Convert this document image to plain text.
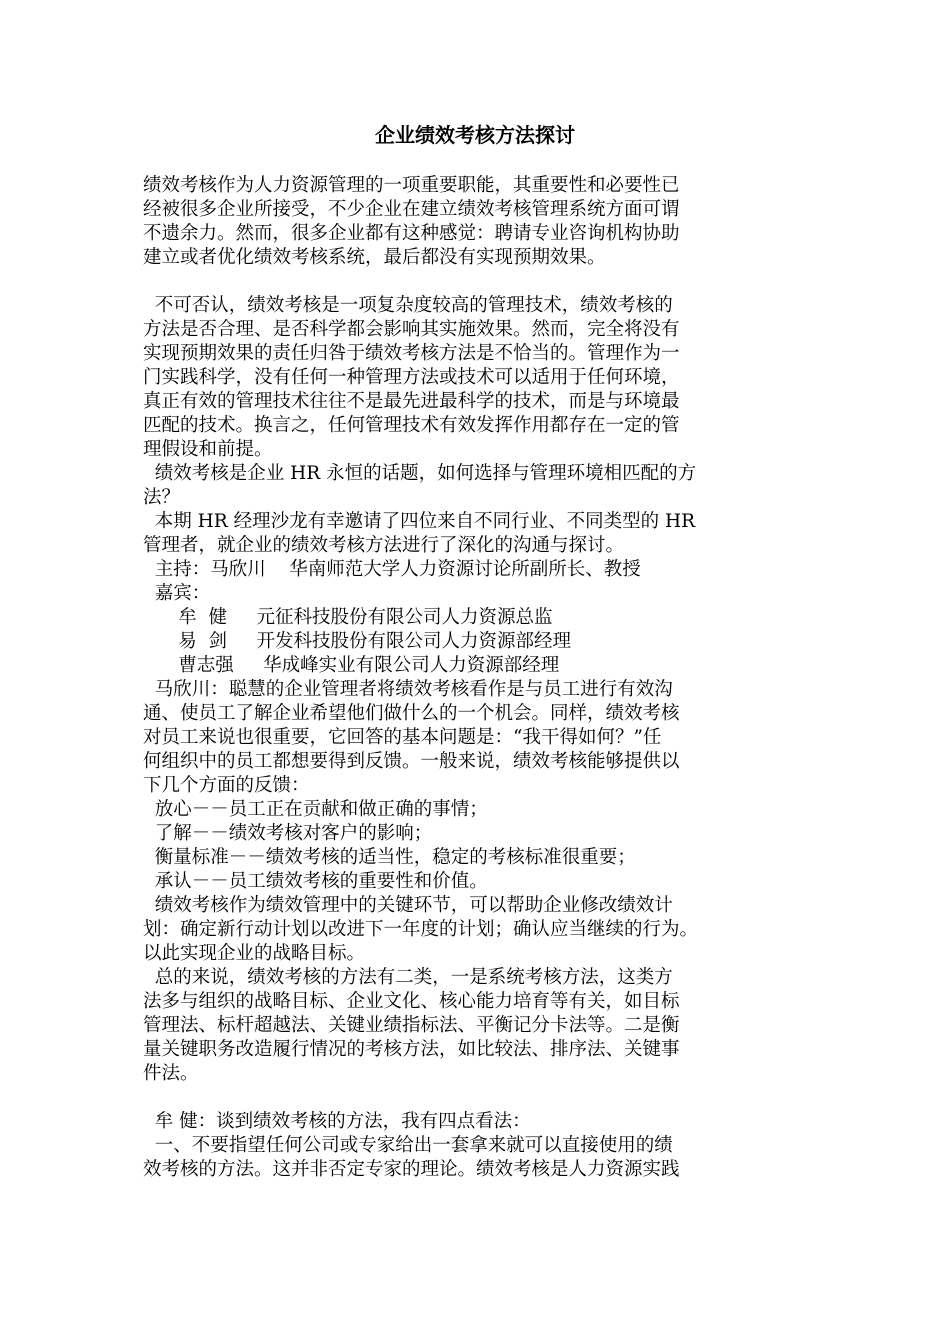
企业绩效考核方法探讨
绩效考核作为人力资源管理的一项重要职能，其重要性和必要性已
经被很多企业所接受，不少企业在建立绩效考核管理系统方面可谓
不遗余力。然而，很多企业都有这种感觉：聘请专业咨询机构协助
建立或者优化绩效考核系统，最后都没有实现预期效果。
不可否认，绩效考核是一项复杂度较高的管理技术，绩效考核的
方法是否合理、是否科学都会影响其实施效果。然而，完全将没有
实现预期效果的责任归咎于绩效考核方法是不恰当的。管理作为一
门实践科学，没有任何一种管理方法或技术可以适用于任何环境，
真正有效的管理技术往往不是最先进最科学的技术，而是与环境最
匹配的技术。换言之，任何管理技术有效发挥作用都存在一定的管
理假设和前提。
绩效考核是企业 HR 永恒的话题，如何选择与管理环境相匹配的方
法？
本期 HR 经理沙龙有幸邀请了四位来自不同行业、不同类型的 HR
管理者，就企业的绩效考核方法进行了深化的沟通与探讨。
主持：马欣川    华南师范大学人力资源讨论所副所长、教授
嘉宾：
牟  健     元征科技股份有限公司人力资源总监
易  剑     开发科技股份有限公司人力资源部经理
曹志强     华成峰实业有限公司人力资源部经理
马欣川：聪慧的企业管理者将绩效考核看作是与员工进行有效沟
通、使员工了解企业希望他们做什么的一个机会。同样，绩效考核
对员工来说也很重要，它回答的基本问题是：“我干得如何？”任
何组织中的员工都想要得到反馈。一般来说，绩效考核能够提供以
下几个方面的反馈：
放心－－员工正在贡献和做正确的事情；
了解－－绩效考核对客户的影响；
衡量标准－－绩效考核的适当性，稳定的考核标准很重要；
承认－－员工绩效考核的重要性和价值。
绩效考核作为绩效管理中的关键环节，可以帮助企业修改绩效计
划：确定新行动计划以改进下一年度的计划；确认应当继续的行为。
以此实现企业的战略目标。
总的来说，绩效考核的方法有二类，一是系统考核方法，这类方
法多与组织的战略目标、企业文化、核心能力培育等有关，如目标
管理法、标杆超越法、关键业绩指标法、平衡记分卡法等。二是衡
量关键职务改造履行情况的考核方法，如比较法、排序法、关键事
件法。
牟 健：谈到绩效考核的方法，我有四点看法：
一、不要指望任何公司或专家给出一套拿来就可以直接使用的绩
效考核的方法。这并非否定专家的理论。绩效考核是人力资源实践
